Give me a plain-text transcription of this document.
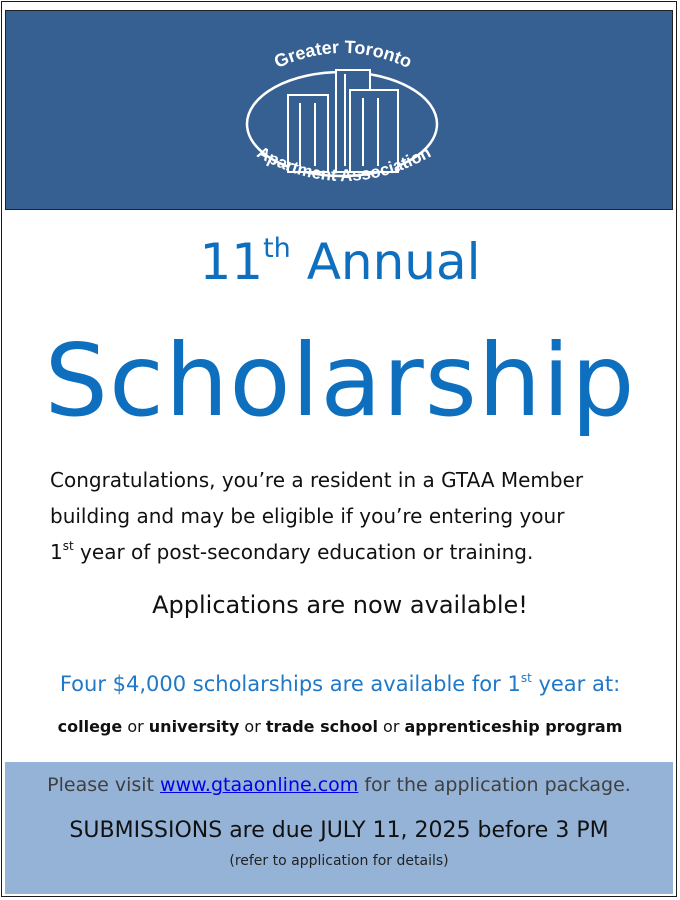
Greater Toronto
Apartment Association
11th Annual
Scholarship
Congratulations, you’re a resident in a GTAA Member
building and may be eligible if you’re entering your
1st year of post-secondary education or training.
Applications are now available!
Four $4,000 scholarships are available for 1st year at:
college or university or trade school or apprenticeship program
Please visit www.gtaaonline.com for the application package.
SUBMISSIONS are due JULY 11, 2025 before 3 PM
(refer to application for details)
